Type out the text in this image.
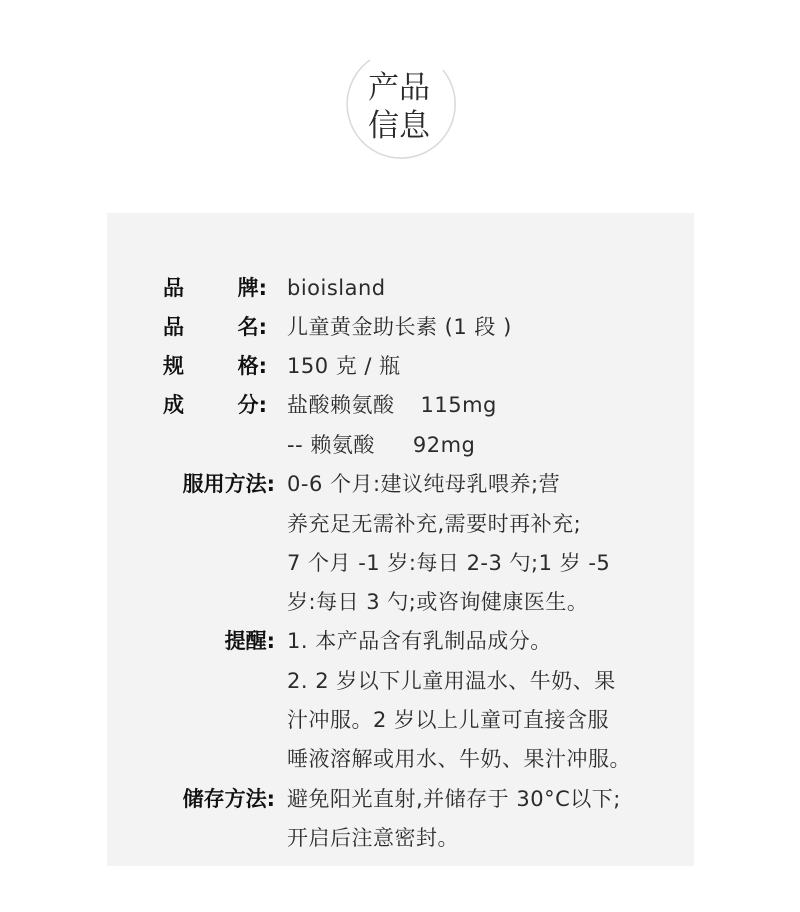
产品
信息
品	牌: bioisland
品	名: 儿童黄金助长素 (1 段 )
规	格: 150 克 / 瓶
成	分: 盐酸赖氨酸 115mg
-- 赖氨酸 92mg
服用方法: 0-6 个月:建议纯母乳喂养;营
养充足无需补充,需要时再补充;
7 个月 -1 岁:每日 2-3 勺;1 岁 -5
岁:每日 3 勺;或咨询健康医生。
提醒: 1. 本产品含有乳制品成分。
2. 2 岁以下儿童用温水、牛奶、果
汁冲服。2 岁以上儿童可直接含服
唾液溶解或用水、牛奶、果汁冲服。
储存方法: 避免阳光直射,并储存于 30°C以下;
开启后注意密封。
